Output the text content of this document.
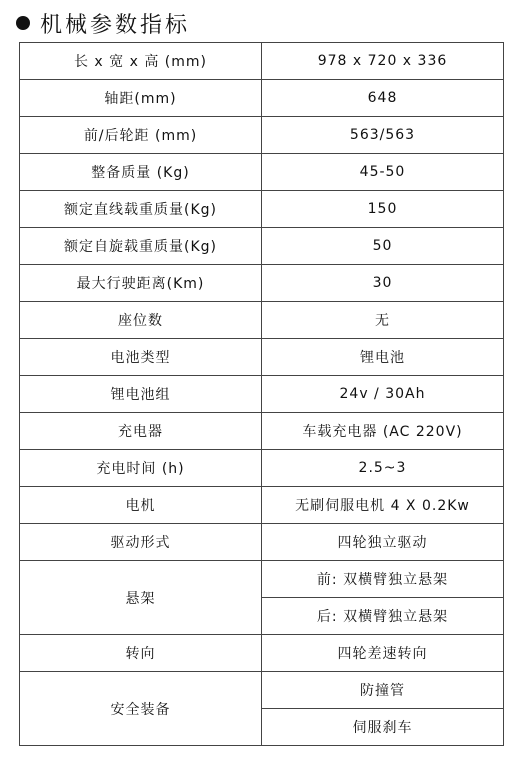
机械参数指标
长 x 宽 x 高 (mm)	978 x 720 x 336
轴距(mm)	648
前/后轮距 (mm)	563/563
整备质量 (Kg)	45-50
额定直线载重质量(Kg)	150
额定自旋载重质量(Kg)	50
最大行驶距离(Km)	30
座位数	无
电池类型	锂电池
锂电池组	24v / 30Ah
充电器	车载充电器 (AC 220V)
充电时间 (h)	2.5~3
电机	无刷伺服电机 4 X 0.2Kw
驱动形式	四轮独立驱动
悬架	前: 双横臂独立悬架
	后: 双横臂独立悬架
转向	四轮差速转向
安全装备	防撞管
	伺服刹车
